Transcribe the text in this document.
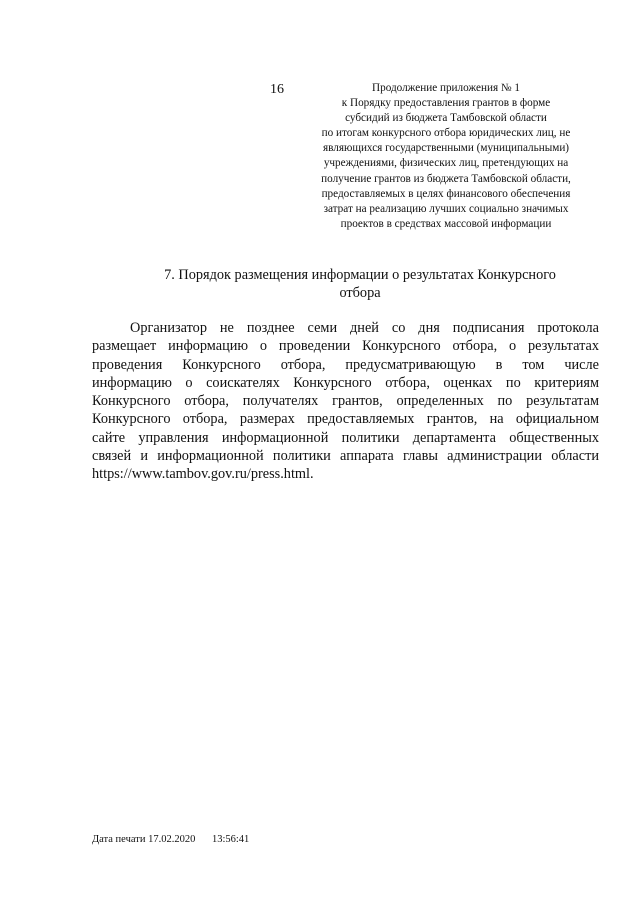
16	Продолжение приложения № 1
к Порядку предоставления грантов в форме
субсидий из бюджета Тамбовской области
по итогам конкурсного отбора юридических лиц, не
являющихся государственными (муниципальными)
учреждениями, физических лиц, претендующих на
получение грантов из бюджета Тамбовской области,
предоставляемых в целях финансового обеспечения
затрат на реализацию лучших социально значимых
проектов в средствах массовой информации
7. Порядок размещения информации о результатах Конкурсного
отбора
Организатор не позднее семи дней со дня подписания протокола
размещает информацию о проведении Конкурсного отбора, о результатах
проведения Конкурсного отбора, предусматривающую в том числе
информацию о соискателях Конкурсного отбора, оценках по критериям
Конкурсного отбора, получателях грантов, определенных по результатам
Конкурсного отбора, размерах предоставляемых грантов, на официальном
сайте управления информационной политики департамента общественных
связей и информационной политики аппарата главы администрации области
https://www.tambov.gov.ru/press.html.
Дата печати 17.02.2020 13:56:41
